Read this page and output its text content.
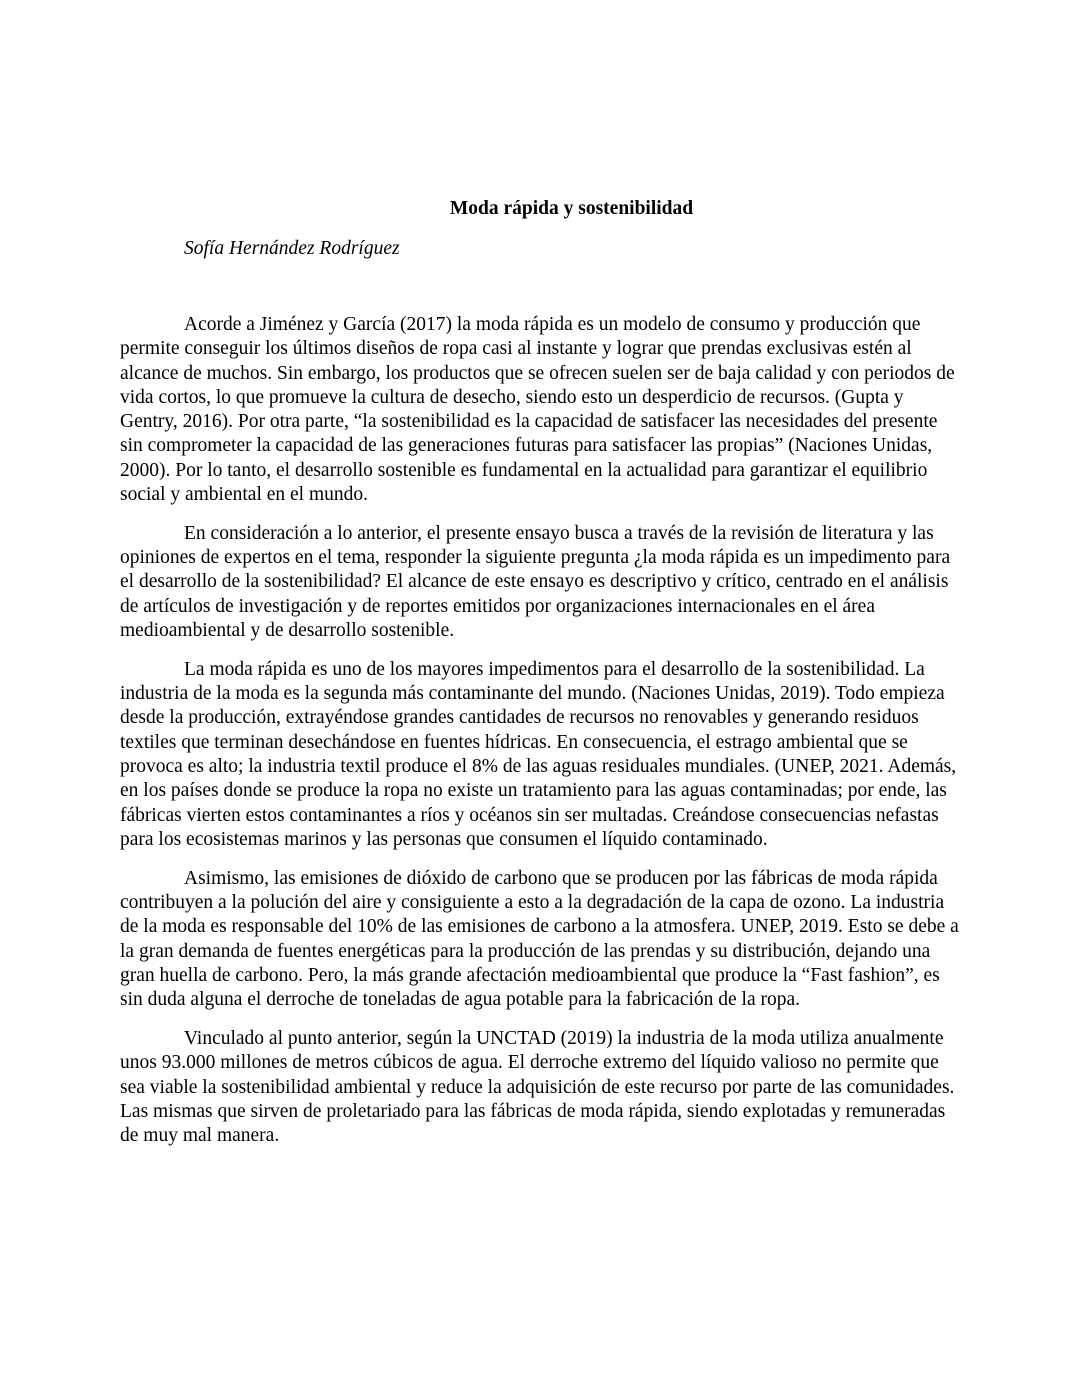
Moda rápida y sostenibilidad

Sofía Hernández Rodríguez

Acorde a Jiménez y García (2017) la moda rápida es un modelo de consumo y producción que permite conseguir los últimos diseños de ropa casi al instante y lograr que prendas exclusivas estén al alcance de muchos. Sin embargo, los productos que se ofrecen suelen ser de baja calidad y con periodos de vida cortos, lo que promueve la cultura de desecho, siendo esto un desperdicio de recursos. (Gupta y Gentry, 2016). Por otra parte, “la sostenibilidad es la capacidad de satisfacer las necesidades del presente sin comprometer la capacidad de las generaciones futuras para satisfacer las propias” (Naciones Unidas, 2000). Por lo tanto, el desarrollo sostenible es fundamental en la actualidad para garantizar el equilibrio social y ambiental en el mundo.

En consideración a lo anterior, el presente ensayo busca a través de la revisión de literatura y las opiniones de expertos en el tema, responder la siguiente pregunta ¿la moda rápida es un impedimento para el desarrollo de la sostenibilidad? El alcance de este ensayo es descriptivo y crítico, centrado en el análisis de artículos de investigación y de reportes emitidos por organizaciones internacionales en el área medioambiental y de desarrollo sostenible.

La moda rápida es uno de los mayores impedimentos para el desarrollo de la sostenibilidad. La industria de la moda es la segunda más contaminante del mundo. (Naciones Unidas, 2019). Todo empieza desde la producción, extrayéndose grandes cantidades de recursos no renovables y generando residuos textiles que terminan desechándose en fuentes hídricas. En consecuencia, el estrago ambiental que se provoca es alto; la industria textil produce el 8% de las aguas residuales mundiales. (UNEP, 2021. Además, en los países donde se produce la ropa no existe un tratamiento para las aguas contaminadas; por ende, las fábricas vierten estos contaminantes a ríos y océanos sin ser multadas. Creándose consecuencias nefastas para los ecosistemas marinos y las personas que consumen el líquido contaminado.

Asimismo, las emisiones de dióxido de carbono que se producen por las fábricas de moda rápida contribuyen a la polución del aire y consiguiente a esto a la degradación de la capa de ozono. La industria de la moda es responsable del 10% de las emisiones de carbono a la atmosfera. UNEP, 2019. Esto se debe a la gran demanda de fuentes energéticas para la producción de las prendas y su distribución, dejando una gran huella de carbono. Pero, la más grande afectación medioambiental que produce la “Fast fashion”, es sin duda alguna el derroche de toneladas de agua potable para la fabricación de la ropa.

Vinculado al punto anterior, según la UNCTAD (2019) la industria de la moda utiliza anualmente unos 93.000 millones de metros cúbicos de agua. El derroche extremo del líquido valioso no permite que sea viable la sostenibilidad ambiental y reduce la adquisición de este recurso por parte de las comunidades. Las mismas que sirven de proletariado para las fábricas de moda rápida, siendo explotadas y remuneradas de muy mal manera.
